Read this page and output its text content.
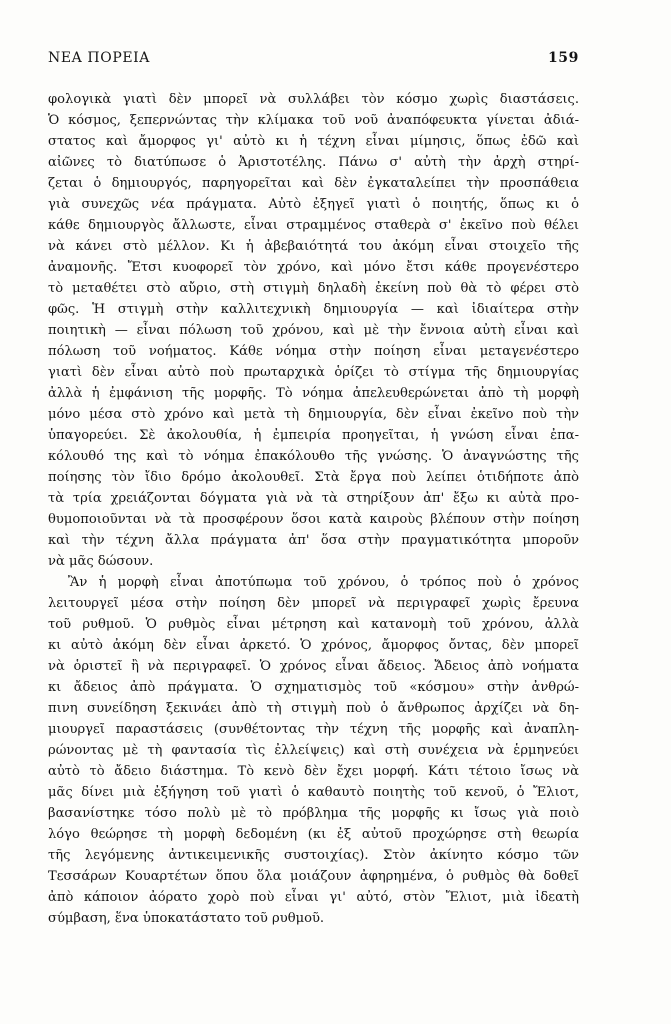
ΝΕΑ ΠΟΡΕΙΑ	159
φολογικὰ γιατὶ δὲν μπορεῖ νὰ συλλάβει τὸν κόσμο χωρὶς διαστάσεις.
Ὁ κόσμος, ξεπερνώντας τὴν κλίμακα τοῦ νοῦ ἀναπόφευκτα γίνεται ἀδιά-
στατος καὶ ἄμορφος γι' αὐτὸ κι ἡ τέχνη εἶναι μίμησις, ὅπως ἐδῶ καὶ
αἰῶνες τὸ διατύπωσε ὁ Ἀριστοτέλης. Πάνω σ' αὐτὴ τὴν ἀρχὴ στηρί-
ζεται ὁ δημιουργός, παρηγορεῖται καὶ δὲν ἐγκαταλείπει τὴν προσπάθεια
γιὰ συνεχῶς νέα πράγματα. Αὐτὸ ἐξηγεῖ γιατὶ ὁ ποιητής, ὅπως κι ὁ
κάθε δημιουργὸς ἄλλωστε, εἶναι στραμμένος σταθερὰ σ' ἐκεῖνο ποὺ θέλει
νὰ κάνει στὸ μέλλον. Κι ἡ ἀβεβαιότητά του ἀκόμη εἶναι στοιχεῖο τῆς
ἀναμονῆς. Ἔτσι κυοφορεῖ τὸν χρόνο, καὶ μόνο ἔτσι κάθε προγενέστερο
τὸ μεταθέτει στὸ αὔριο, στὴ στιγμὴ δηλαδὴ ἐκείνη ποὺ θὰ τὸ φέρει στὸ
φῶς. Ἡ στιγμὴ στὴν καλλιτεχνικὴ δημιουργία — καὶ ἰδιαίτερα στὴν
ποιητικὴ — εἶναι πόλωση τοῦ χρόνου, καὶ μὲ τὴν ἔννοια αὐτὴ εἶναι καὶ
πόλωση τοῦ νοήματος. Κάθε νόημα στὴν ποίηση εἶναι μεταγενέστερο
γιατὶ δὲν εἶναι αὐτὸ ποὺ πρωταρχικὰ ὁρίζει τὸ στίγμα τῆς δημιουργίας
ἀλλὰ ἡ ἐμφάνιση τῆς μορφῆς. Τὸ νόημα ἀπελευθερώνεται ἀπὸ τὴ μορφὴ
μόνο μέσα στὸ χρόνο καὶ μετὰ τὴ δημιουργία, δὲν εἶναι ἐκεῖνο ποὺ τὴν
ὑπαγορεύει. Σὲ ἀκολουθία, ἡ ἐμπειρία προηγεῖται, ἡ γνώση εἶναι ἐπα-
κόλουθό της καὶ τὸ νόημα ἐπακόλουθο τῆς γνώσης. Ὁ ἀναγνώστης τῆς
ποίησης τὸν ἴδιο δρόμο ἀκολουθεῖ. Στὰ ἔργα ποὺ λείπει ὁτιδήποτε ἀπὸ
τὰ τρία χρειάζονται δόγματα γιὰ νὰ τὰ στηρίξουν ἀπ' ἔξω κι αὐτὰ προ-
θυμοποιοῦνται νὰ τὰ προσφέρουν ὅσοι κατὰ καιροὺς βλέπουν στὴν ποίηση
καὶ τὴν τέχνη ἄλλα πράγματα ἀπ' ὅσα στὴν πραγματικότητα μποροῦν
νὰ μᾶς δώσουν.
Ἂν ἡ μορφὴ εἶναι ἀποτύπωμα τοῦ χρόνου, ὁ τρόπος ποὺ ὁ χρόνος
λειτουργεῖ μέσα στὴν ποίηση δὲν μπορεῖ νὰ περιγραφεῖ χωρὶς ἔρευνα
τοῦ ρυθμοῦ. Ὁ ρυθμὸς εἶναι μέτρηση καὶ κατανομὴ τοῦ χρόνου, ἀλλὰ
κι αὐτὸ ἀκόμη δὲν εἶναι ἀρκετό. Ὁ χρόνος, ἄμορφος ὄντας, δὲν μπορεῖ
νὰ ὁριστεῖ ἢ νὰ περιγραφεῖ. Ὁ χρόνος εἶναι ἄδειος. Ἄδειος ἀπὸ νοήματα
κι ἄδειος ἀπὸ πράγματα. Ὁ σχηματισμὸς τοῦ «κόσμου» στὴν ἀνθρώ-
πινη συνείδηση ξεκινάει ἀπὸ τὴ στιγμὴ ποὺ ὁ ἄνθρωπος ἀρχίζει νὰ δη-
μιουργεῖ παραστάσεις (συνθέτοντας τὴν τέχνη τῆς μορφῆς καὶ ἀναπλη-
ρώνοντας μὲ τὴ φαντασία τὶς ἐλλείψεις) καὶ στὴ συνέχεια νὰ ἑρμηνεύει
αὐτὸ τὸ ἄδειο διάστημα. Τὸ κενὸ δὲν ἔχει μορφή. Κάτι τέτοιο ἴσως νὰ
μᾶς δίνει μιὰ ἐξήγηση τοῦ γιατὶ ὁ καθαυτὸ ποιητὴς τοῦ κενοῦ, ὁ Ἔλιοτ,
βασανίστηκε τόσο πολὺ μὲ τὸ πρόβλημα τῆς μορφῆς κι ἴσως γιὰ ποιὸ
λόγο θεώρησε τὴ μορφὴ δεδομένη (κι ἐξ αὐτοῦ προχώρησε στὴ θεωρία
τῆς λεγόμενης ἀντικειμενικῆς συστοιχίας). Στὸν ἀκίνητο κόσμο τῶν
Τεσσάρων Κουαρτέτων ὅπου ὅλα μοιάζουν ἀφηρημένα, ὁ ρυθμὸς θὰ δοθεῖ
ἀπὸ κάποιον ἀόρατο χορὸ ποὺ εἶναι γι' αὐτό, στὸν Ἔλιοτ, μιὰ ἰδεατὴ
σύμβαση, ἕνα ὑποκατάστατο τοῦ ρυθμοῦ.
